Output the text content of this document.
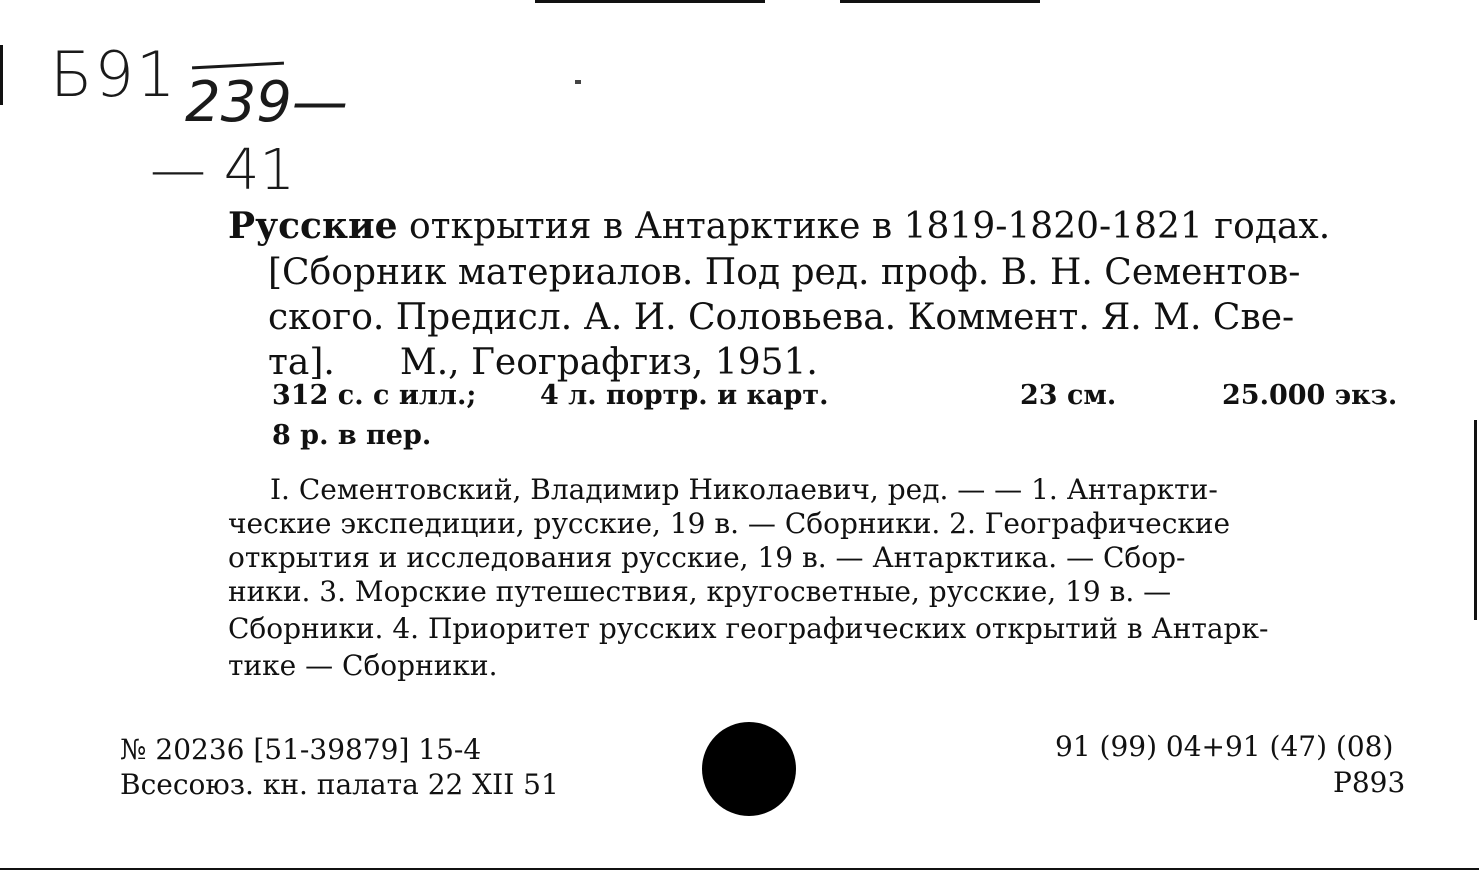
Б91 239—
— 41
Русские открытия в Антарктике в 1819-1820-1821 годах.
[Сборник материалов. Под ред. проф. В. Н. Сементов-
ского. Предисл. А. И. Соловьева. Коммент. Я. М. Све-
та]. М., Географгиз, 1951.
312 с. с илл.; 4 л. портр. и карт.	23 см.	25.000 экз.
8 р. в пер.
I. Сементовский, Владимир Николаевич, ред. — — 1. Антаркти-
ческие экспедиции, русские, 19 в. — Сборники. 2. Географические
открытия и исследования русские, 19 в. — Антарктика. — Сбор-
ники. 3. Морские путешествия, кругосветные, русские, 19 в. —
Сборники. 4. Приоритет русских географических открытий в Антарк-
тике — Сборники.
№ 20236 [51-39879] 15-4
Всесоюз. кн. палата 22 XII 51
91 (99) 04+91 (47) (08)
Р893
